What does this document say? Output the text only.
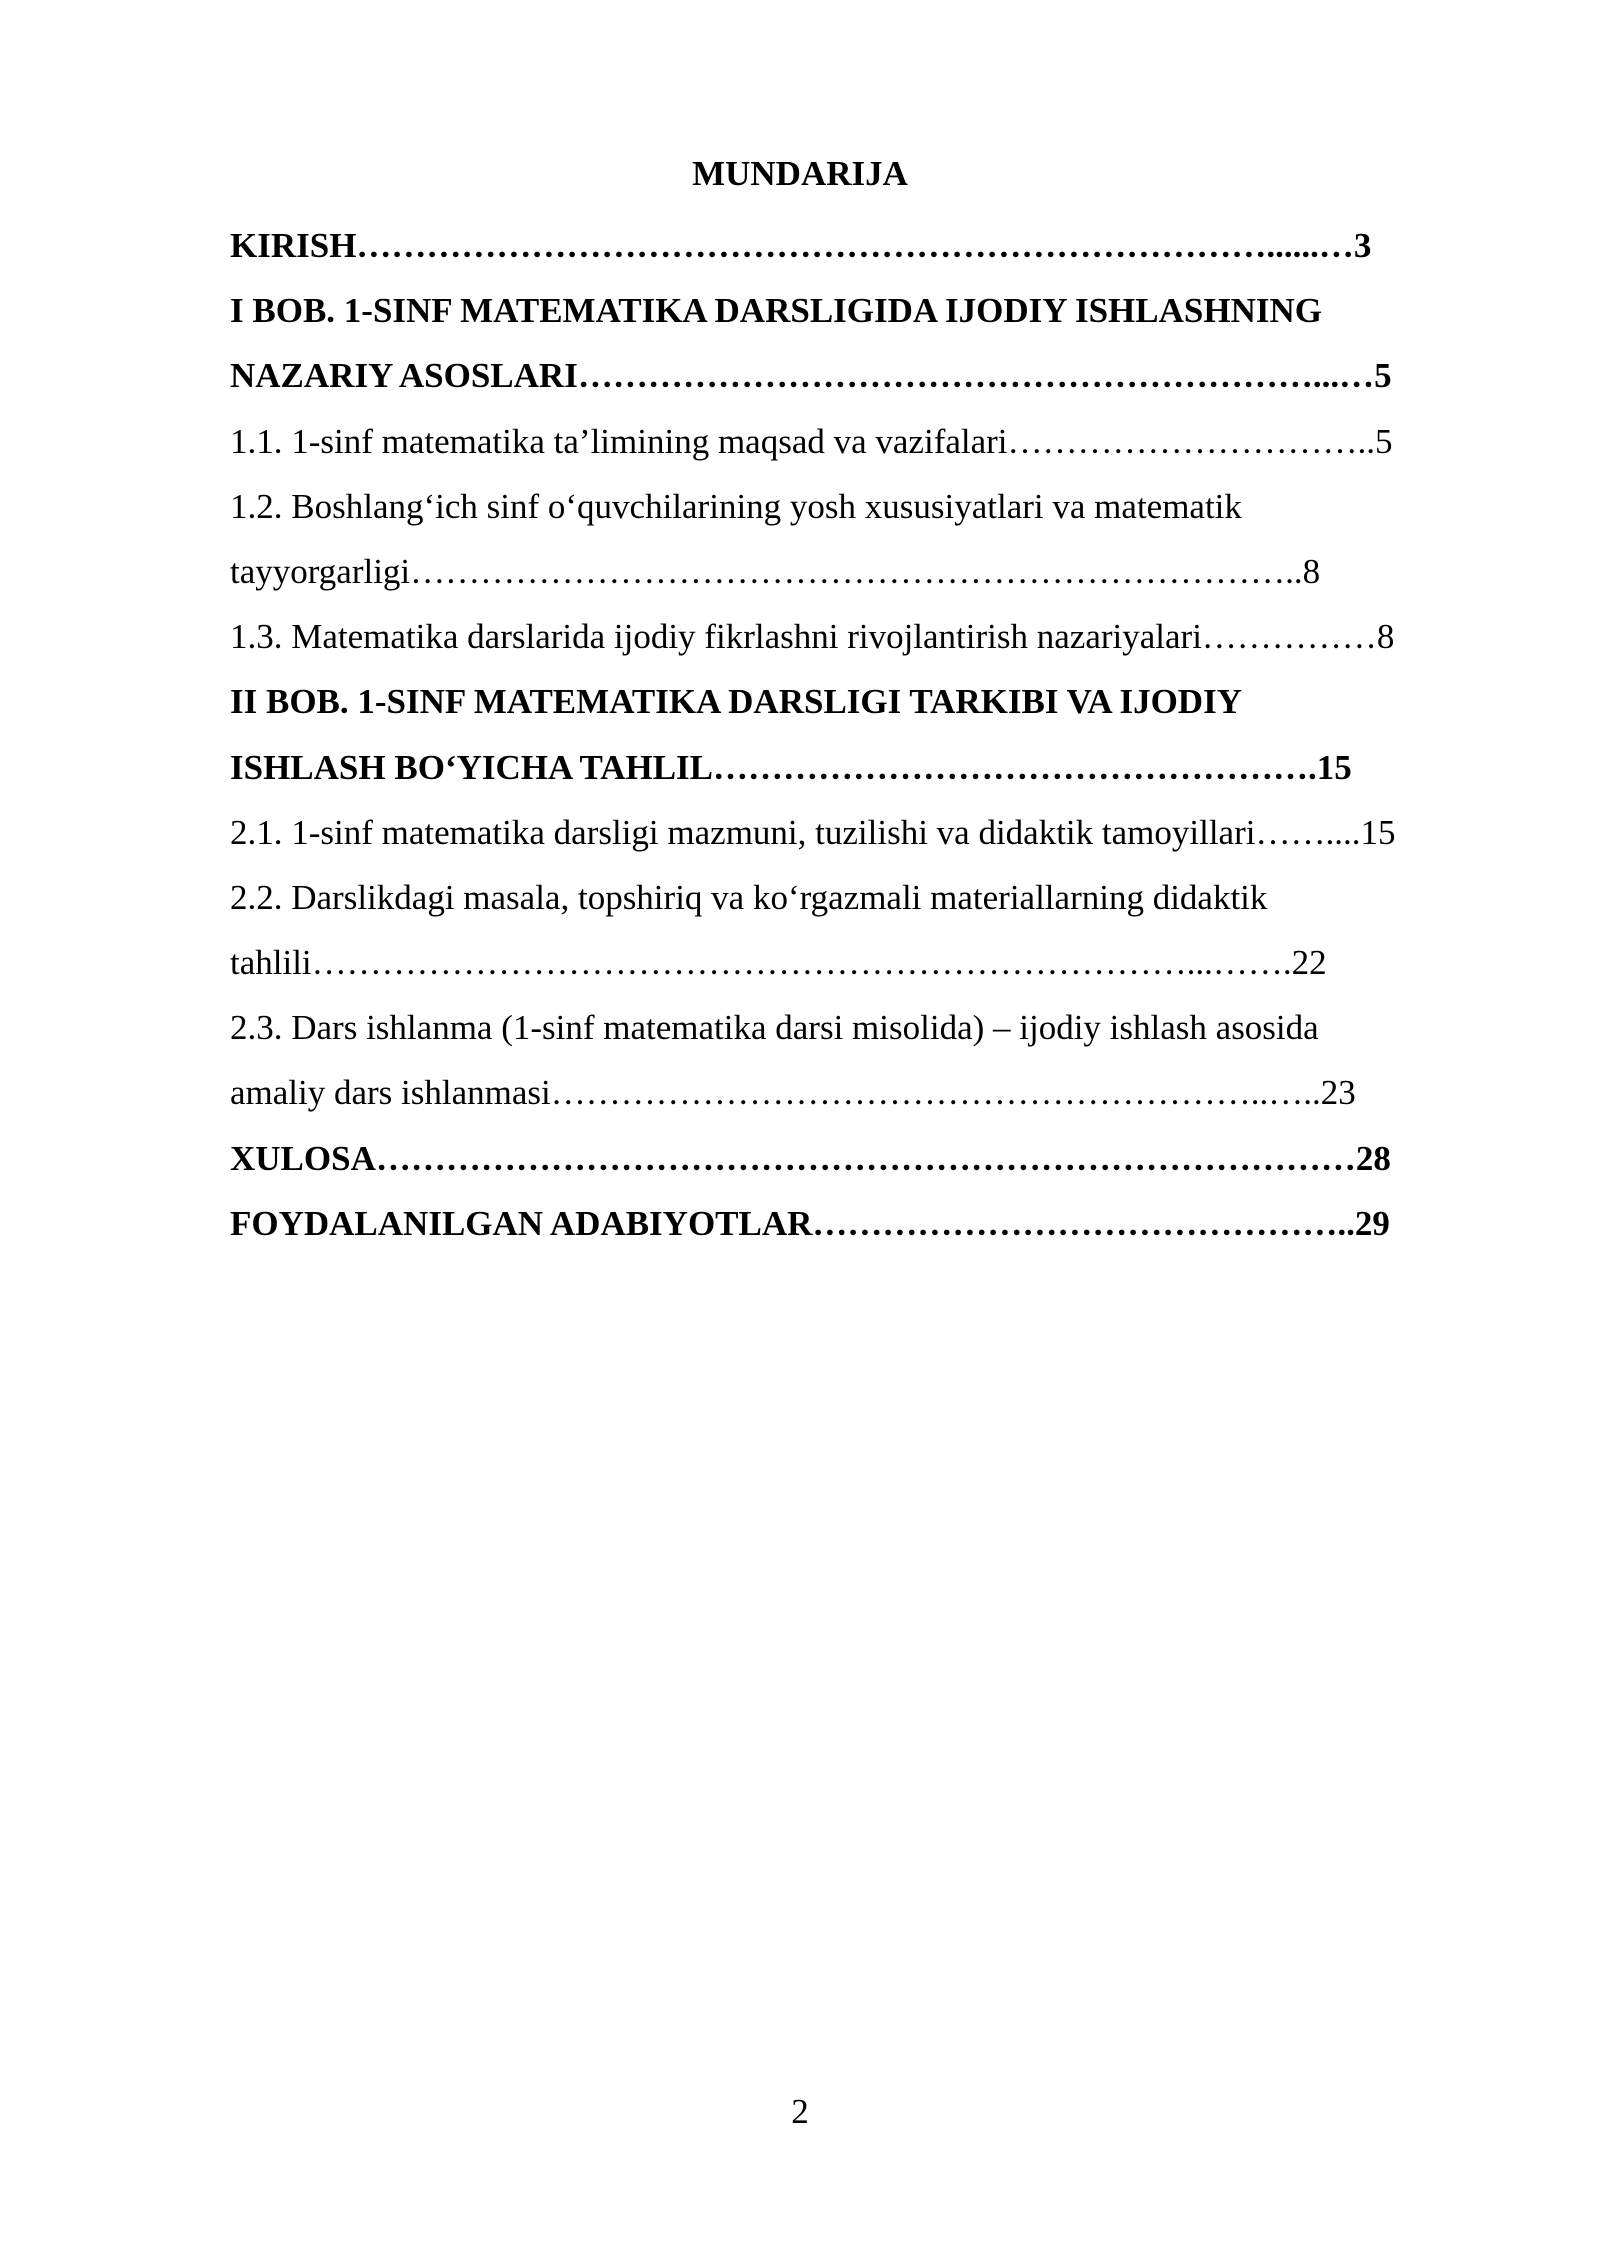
MUNDARIJA
KIRISH……………………………………………………………………......…3
I BOB. 1-SINF MATEMATIKA DARSLIGIDA IJODIY ISHLASHNING
NAZARIY ASOSLARI………………………………………………………...…5
1.1. 1-sinf matematika ta’limining maqsad va vazifalari…………………………..5
1.2. Boshlang‘ich sinf o‘quvchilarining yosh xususiyatlari va matematik
tayyorgarligi…………………………………………………………………..8
1.3. Matematika darslarida ijodiy fikrlashni rivojlantirish nazariyalari……………8
II BOB. 1-SINF MATEMATIKA DARSLIGI TARKIBI VA IJODIY
ISHLASH BO‘YICHA TAHLIL…………………………………………….15
2.1. 1-sinf matematika darsligi mazmuni, tuzilishi va didaktik tamoyillari……....15
2.2. Darslikdagi masala, topshiriq va ko‘rgazmali materiallarning didaktik
tahlili…………………………………………………………………...…….22
2.3. Dars ishlanma (1-sinf matematika darsi misolida) – ijodiy ishlash asosida
amaliy dars ishlanmasi……………………………………………………..…..23
XULOSA…………………………………………………………………………28
FOYDALANILGAN ADABIYOTLAR………………………………………..29
2
